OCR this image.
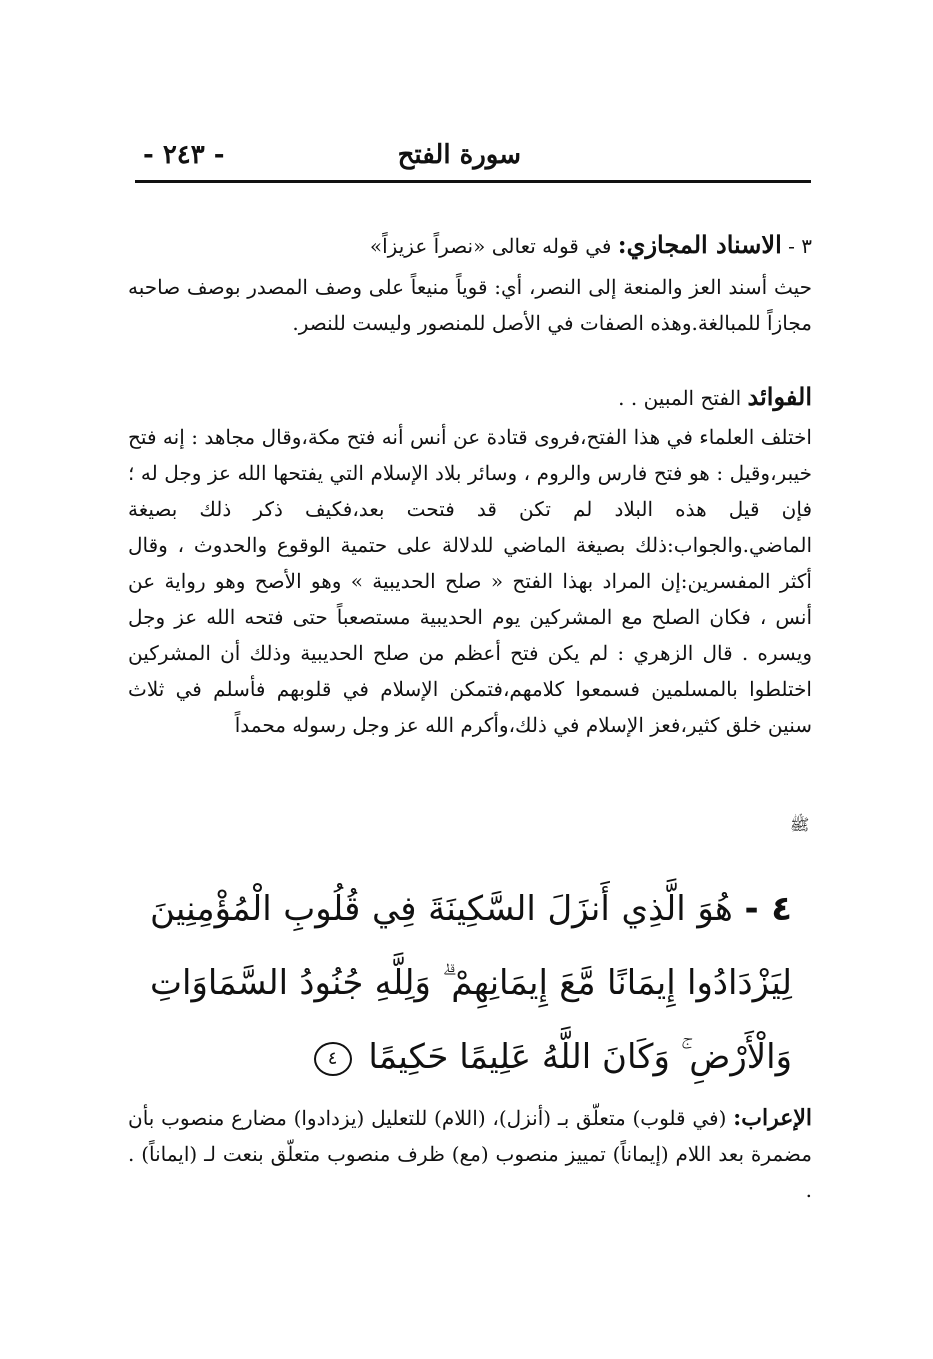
سورة الفتح
- ٢٤٣ -
٣ - الاسناد المجازي: في قوله تعالى «نصراً عزيزاً»
حيث أسند العز والمنعة إلى النصر، أي: قوياً منيعاً على وصف المصدر بوصف صاحبه مجازاً للمبالغة.وهذه الصفات في الأصل للمنصور وليست للنصر.
الفوائد الفتح المبين . .
اختلف العلماء في هذا الفتح،فروى قتادة عن أنس أنه فتح مكة،وقال مجاهد : إنه فتح خيبر،وقيل : هو فتح فارس والروم ، وسائر بلاد الإسلام التي يفتحها الله عز وجل له ؛ فإن قيل هذه البلاد لم تكن قد فتحت بعد،فكيف ذكر ذلك بصيغة الماضي.والجواب:ذلك بصيغة الماضي للدلالة على حتمية الوقوع والحدوث ، وقال أكثر المفسرين:إن المراد بهذا الفتح « صلح الحديبية » وهو الأصح وهو رواية عن أنس ، فكان الصلح مع المشركين يوم الحديبية مستصعباً حتى فتحه الله عز وجل ويسره . قال الزهري : لم يكن فتح أعظم من صلح الحديبية وذلك أن المشركين اختلطوا بالمسلمين فسمعوا كلامهم،فتمكن الإسلام في قلوبهم فأسلم في ثلاث سنين خلق كثير،فعز الإسلام في ذلك،وأكرم الله عز وجل رسوله محمداً
ﷺ
٤ - هُوَ الَّذِي أَنزَلَ السَّكِينَةَ فِي قُلُوبِ الْمُؤْمِنِينَ لِيَزْدَادُوا إِيمَانًا مَّعَ إِيمَانِهِمْ ۗ وَلِلَّهِ جُنُودُ السَّمَاوَاتِ وَالْأَرْضِ ۚ وَكَانَ اللَّهُ عَلِيمًا حَكِيمًا ٤
الإعراب: (في قلوب) متعلّق بـ (أنزل)، (اللام) للتعليل (يزدادوا) مضارع منصوب بأن مضمرة بعد اللام (إيماناً) تمييز منصوب (مع) ظرف منصوب متعلّق بنعت لـ (ايماناً) . .
